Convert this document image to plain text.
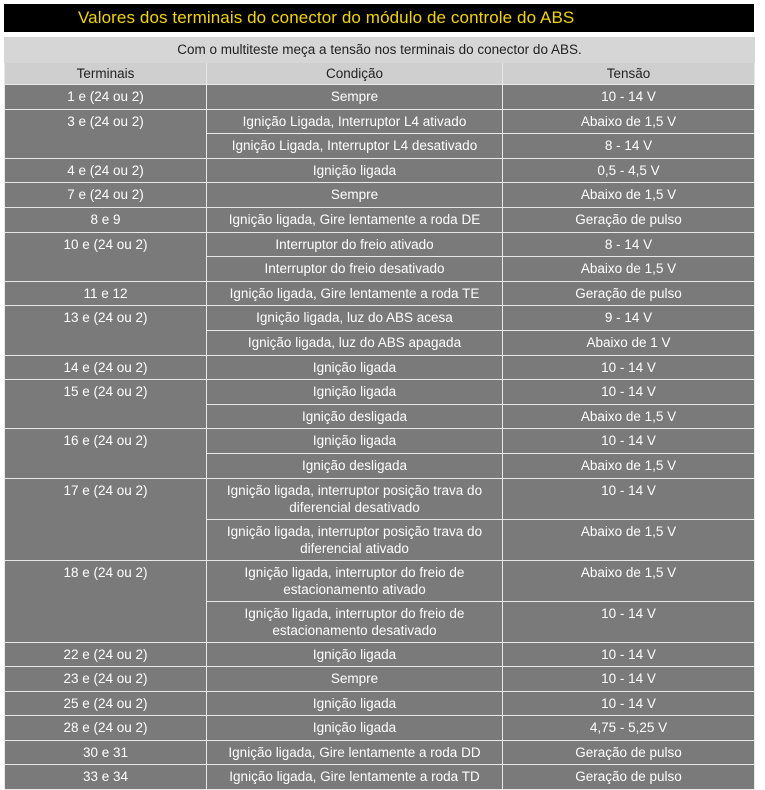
Valores dos terminais do conector do módulo de controle do ABS
Com o multiteste meça a tensão nos terminais do conector do ABS.		
Terminais	Condição	Tensão
1 e (24 ou 2)	Sempre	10 - 14 V
3 e (24 ou 2)	Ignição Ligada, Interruptor L4 ativado	Abaixo de 1,5 V
	Ignição Ligada, Interruptor L4 desativado	8 - 14 V
4 e (24 ou 2)	Ignição ligada	0,5 - 4,5 V
7 e (24 ou 2)	Sempre	Abaixo de 1,5 V
8 e 9	Ignição ligada, Gire lentamente a roda DE	Geração de pulso
10 e (24 ou 2)	Interruptor do freio ativado	8 - 14 V
	Interruptor do freio desativado	Abaixo de 1,5 V
11 e 12	Ignição ligada, Gire lentamente a roda TE	Geração de pulso
13 e (24 ou 2)	Ignição ligada, luz do ABS acesa	9 - 14 V
	Ignição ligada, luz do ABS apagada	Abaixo de 1 V
14 e (24 ou 2)	Ignição ligada	10 - 14 V
15 e (24 ou 2)	Ignição ligada	10 - 14 V
	Ignição desligada	Abaixo de 1,5 V
16 e (24 ou 2)	Ignição ligada	10 - 14 V
	Ignição desligada	Abaixo de 1,5 V
17 e (24 ou 2)	Ignição ligada, interruptor posição trava do diferencial desativado	10 - 14 V
	Ignição ligada, interruptor posição trava do diferencial ativado	Abaixo de 1,5 V
18 e (24 ou 2)	Ignição ligada, interruptor do freio de estacionamento ativado	Abaixo de 1,5 V
	Ignição ligada, interruptor do freio de estacionamento desativado	10 - 14 V
22 e (24 ou 2)	Ignição ligada	10 - 14 V
23 e (24 ou 2)	Sempre	10 - 14 V
25 e (24 ou 2)	Ignição ligada	10 - 14 V
28 e (24 ou 2)	Ignição ligada	4,75 - 5,25 V
30 e 31	Ignição ligada, Gire lentamente a roda DD	Geração de pulso
33 e 34	Ignição ligada, Gire lentamente a roda TD	Geração de pulso
